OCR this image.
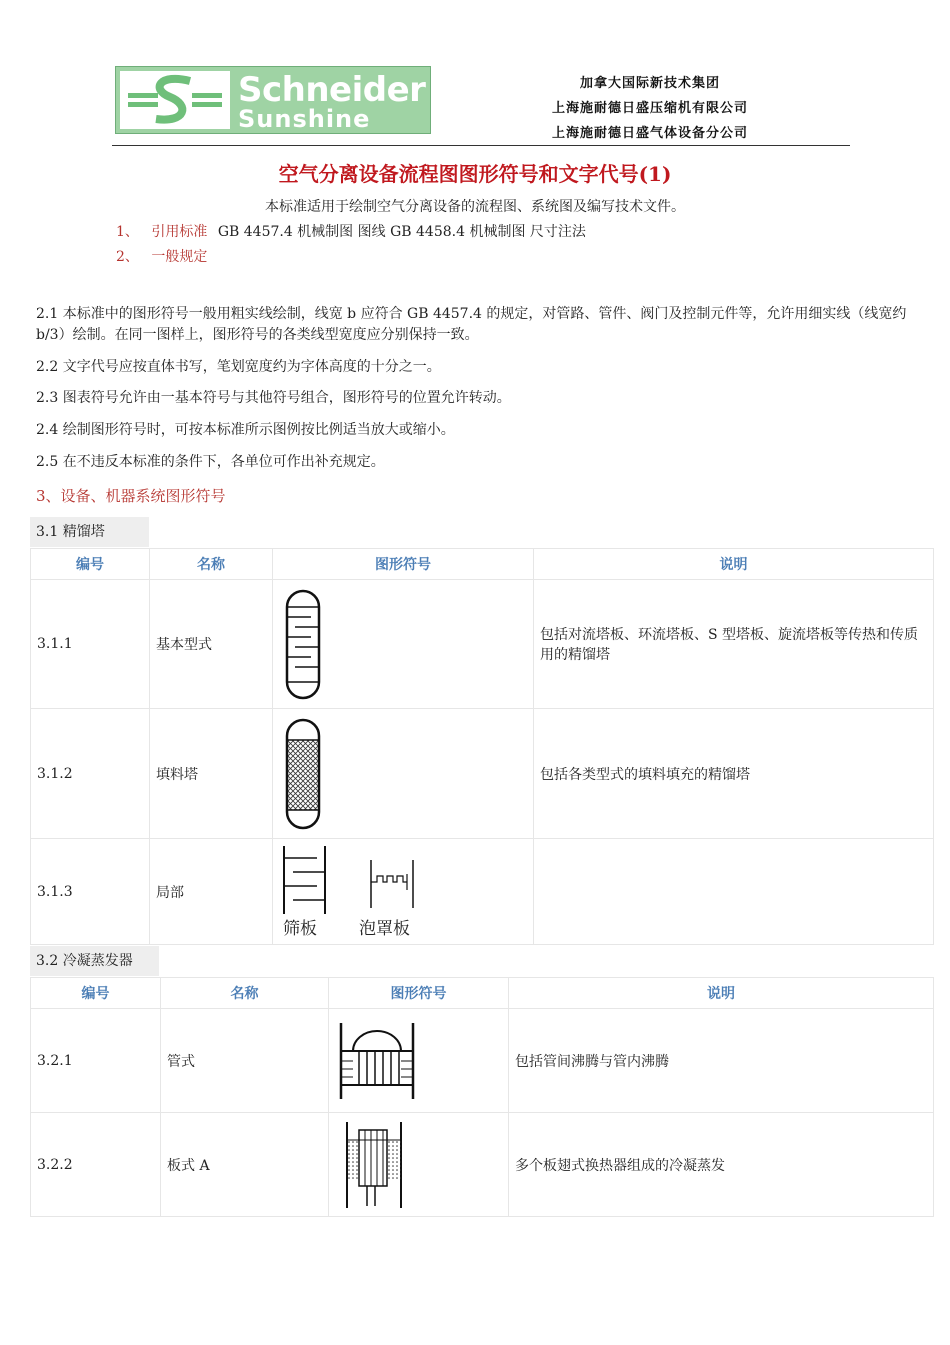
Schneider
Sunshine
加拿大国际新技术集团
上海施耐德日盛压缩机有限公司
上海施耐德日盛气体设备分公司
空气分离设备流程图图形符号和文字代号(1)
本标准适用于绘制空气分离设备的流程图、系统图及编写技术文件。
1、 引用标准 GB 4457.4 机械制图 图线 GB 4458.4 机械制图 尺寸注法
2、 一般规定
2.1 本标准中的图形符号一般用粗实线绘制，线宽 b 应符合 GB 4457.4 的规定，对管路、管件、阀门及控制元件等，允许用细实线（线宽约 b/3）绘制。在同一图样上，图形符号的各类线型宽度应分别保持一致。
2.2 文字代号应按直体书写，笔划宽度约为字体高度的十分之一。
2.3 图表符号允许由一基本符号与其他符号组合，图形符号的位置允许转动。
2.4 绘制图形符号时，可按本标准所示图例按比例适当放大或缩小。
2.5 在不违反本标准的条件下，各单位可作出补充规定。
3、设备、机器系统图形符号
3.1 精馏塔
编号	名称	图形符号	说明
3.1.1	基本型式		包括对流塔板、环流塔板、S 型塔板、旋流塔板等传热和传质用的精馏塔
3.1.2	填料塔		包括各类型式的填料填充的精馏塔
3.1.3	局部	筛板 泡罩板	

3.2 冷凝蒸发器
编号	名称	图形符号	说明
3.2.1	管式		包括管间沸腾与管内沸腾
3.2.2	板式 A		多个板翅式换热器组成的冷凝蒸发
